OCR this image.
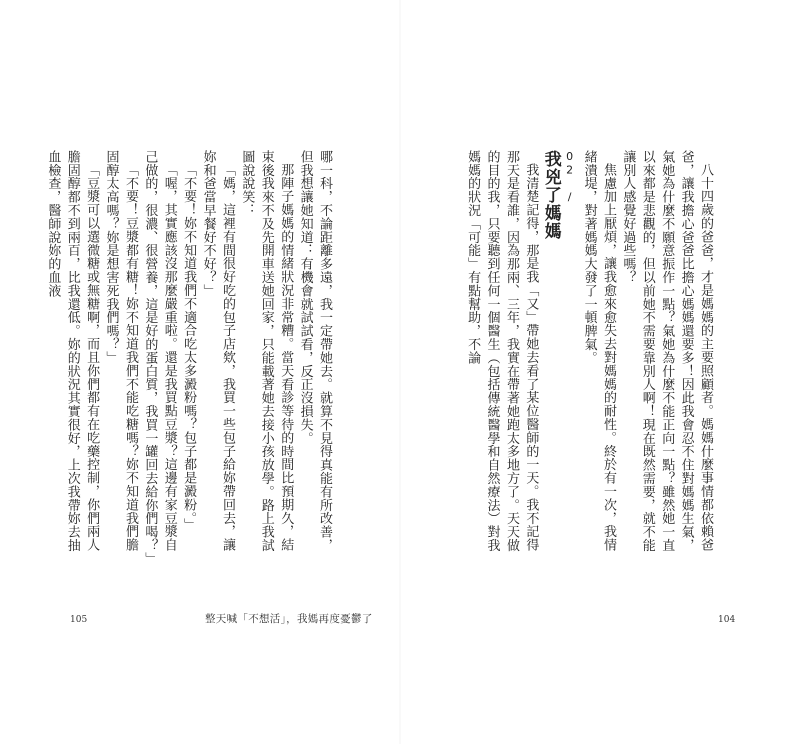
八十四歲的爸爸，才是媽媽的主要照顧者。媽媽什麼事情都依賴爸爸，讓我擔心爸爸比擔心媽媽還要多！因此我會忍不住對媽媽生氣，氣她為什麼不願意振作一點？氣她為什麼不能正向一點？雖然她一直以來都是悲觀的，但以前她不需要靠別人啊！現在既然需要，就不能讓別人感覺好過些嗎？

焦慮加上厭煩，讓我愈來愈失去對媽媽的耐性。終於有一次，我情緒潰堤，對著媽媽大發了一頓脾氣。

02 /

我兇了媽媽

我清楚記得，那是我「又」帶她去看了某位醫師的一天。我不記得那天是看誰，因為那兩、三年，我實在帶著她跑太多地方了。天天做的目的我，只要聽到任何一個醫生（包括傳統醫學和自然療法）對我媽媽的狀況「可能」有點幫助，不論

哪一科，不論距離多遠，我一定帶她去。就算不見得真能有所改善，但我想讓她知道：有機會就試試看，反正沒損失。

那陣子媽媽的情緒狀況非常糟。當天看診等待的時間比預期久，結束後我來不及先開車送她回家，只能載著她去接小孩放學。路上我試圖說說笑：

「媽，這裡有間很好吃的包子店欸，我買一些包子給妳帶回去，讓妳和爸當早餐好不好？」

「不要！妳不知道我們不適合吃太多澱粉嗎？包子都是澱粉。」

「喔，其實應該沒那麼嚴重啦。還是我買點豆漿？這邊有家豆漿自己做的，很濃、很營養，這是好的蛋白質，我買一罐回去給你們喝？」

「不要！豆漿都有糖！妳不知道我們不能吃糖嗎？妳不知道我們膽固醇太高嗎？妳是想害死我們嗎？」

「豆漿可以選微糖或無糖啊，而且你們都有在吃藥控制，你們兩人膽固醇都不到兩百，比我還低。妳的狀況其實很好，上次我帶妳去抽血檢查，醫師說妳的血液

105	整天喊「不想活」，我媽再度憂鬱了	104
